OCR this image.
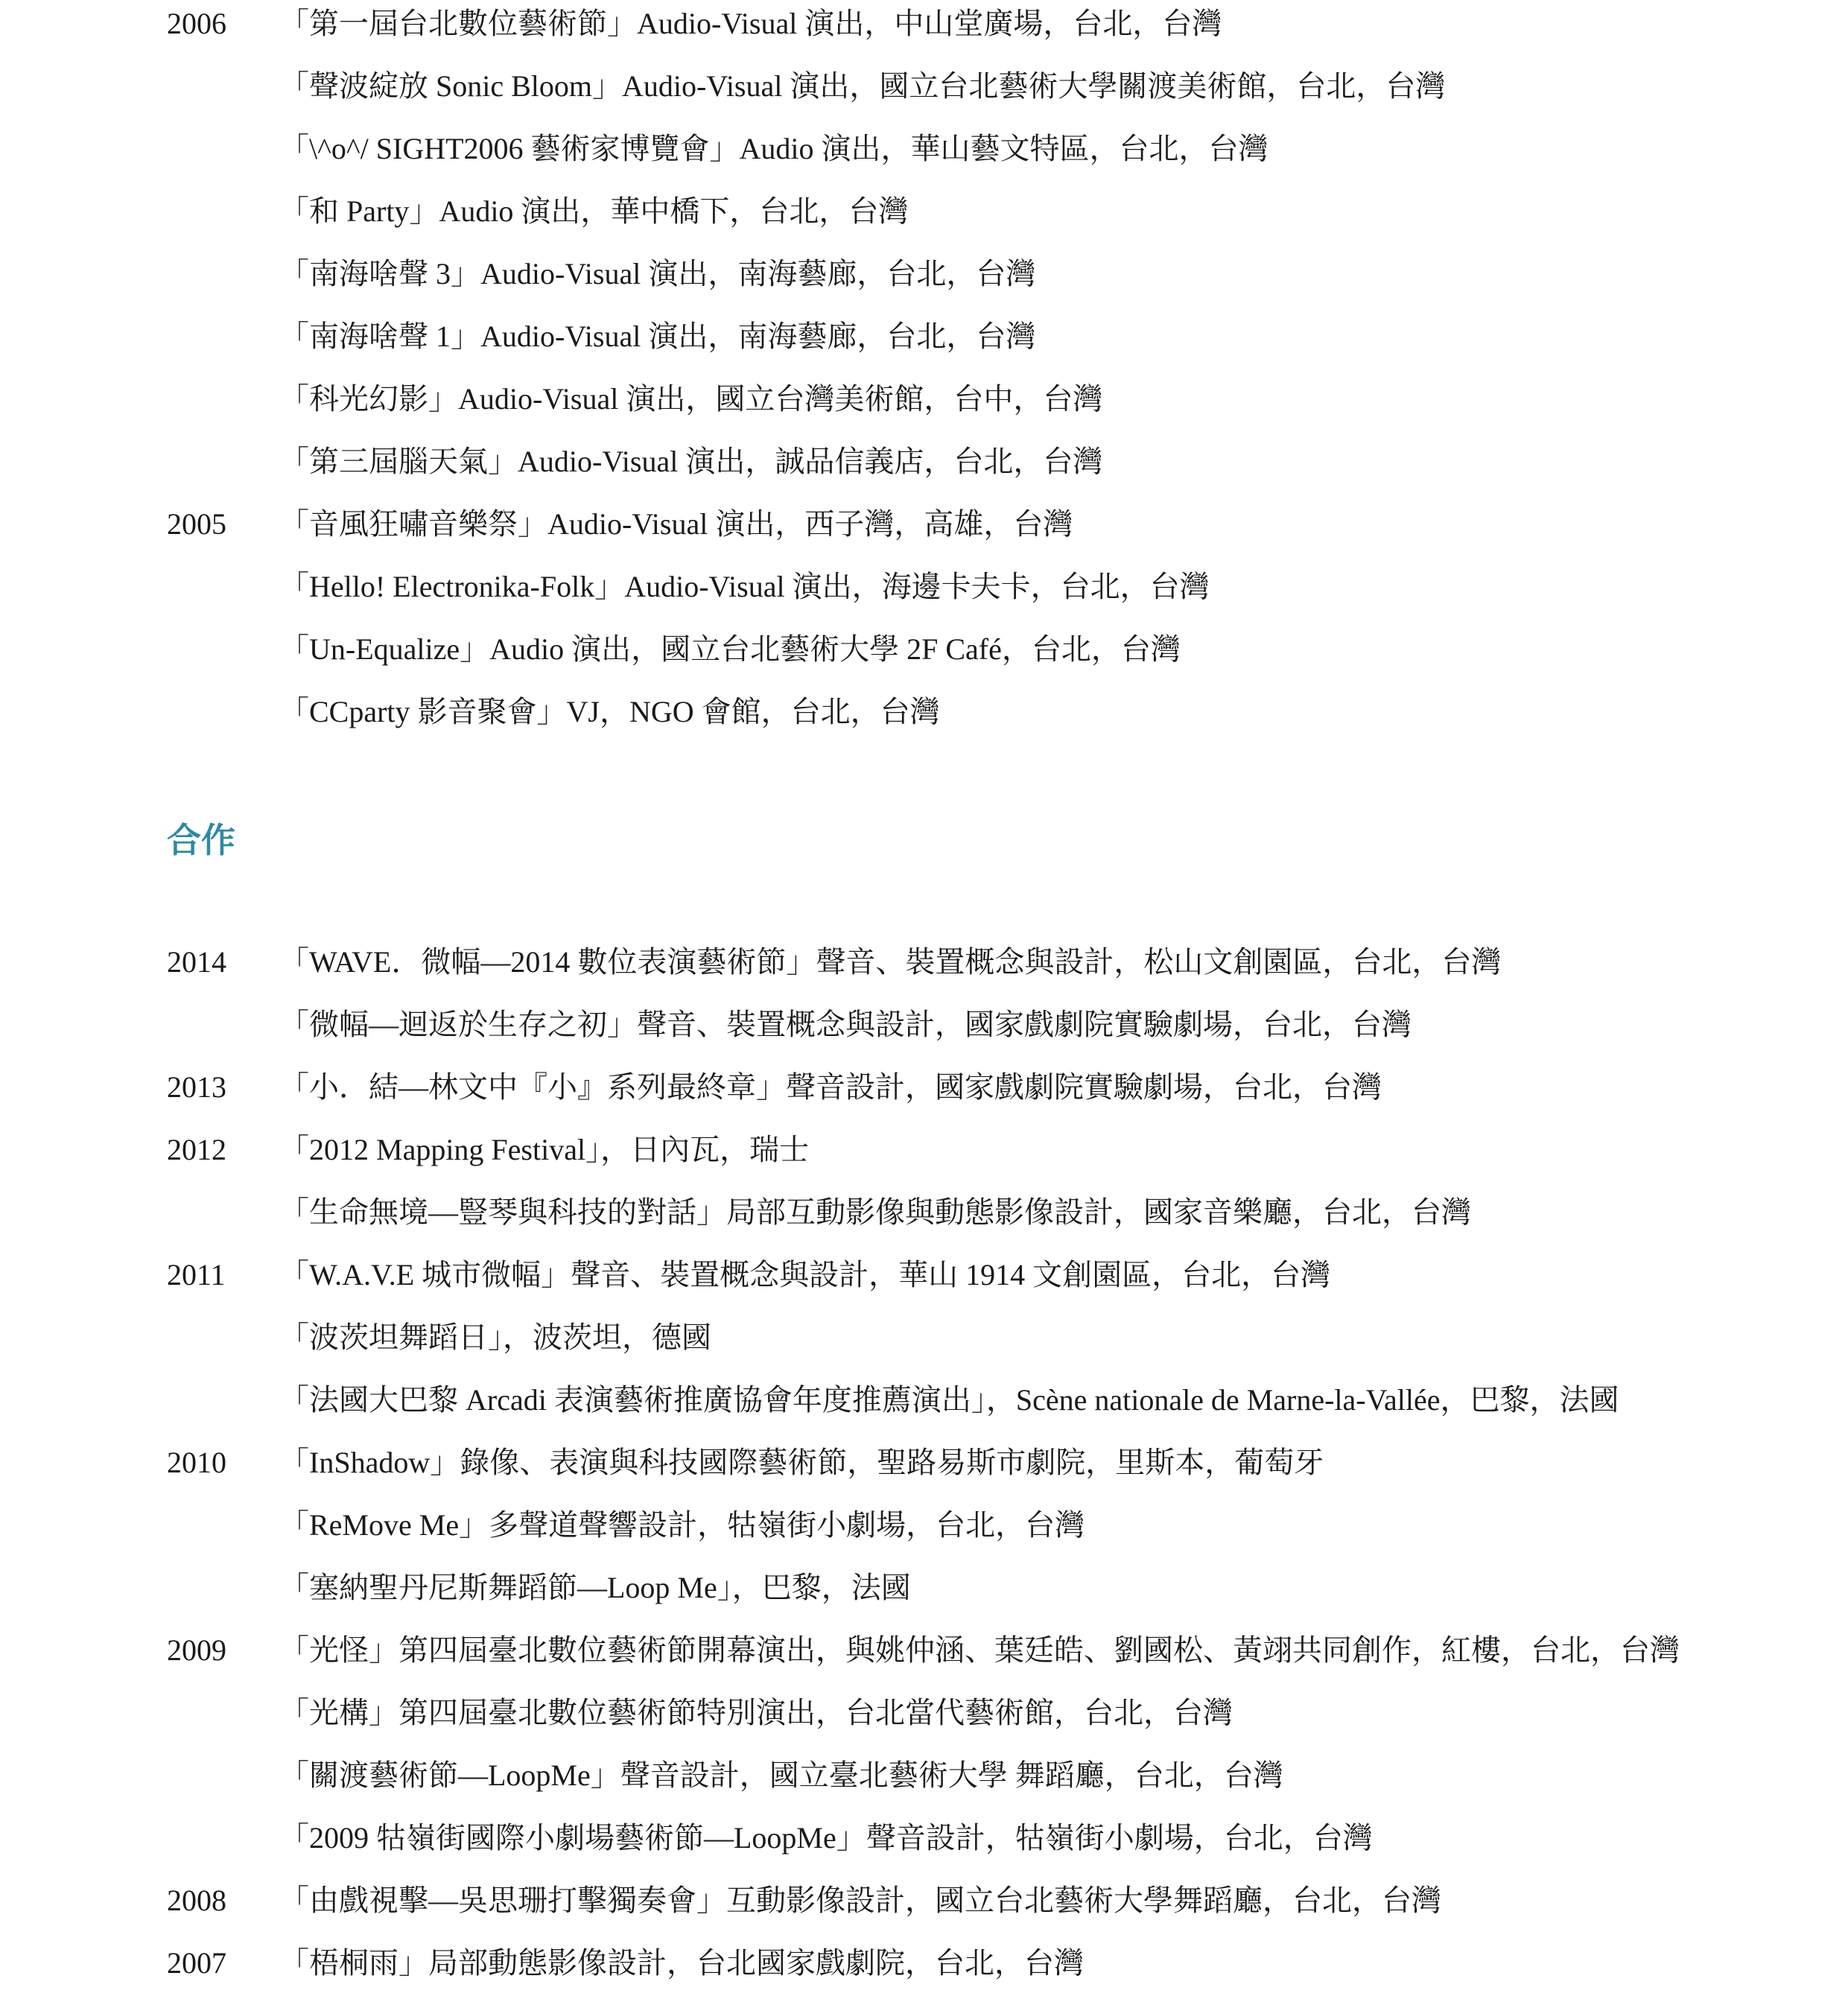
2006 「第一屆台北數位藝術節」Audio-Visual 演出，中山堂廣場，台北，台灣
「聲波綻放 Sonic Bloom」Audio-Visual 演出，國立台北藝術大學關渡美術館，台北，台灣
「\^o^/ SIGHT2006 藝術家博覽會」Audio 演出，華山藝文特區，台北，台灣
「和 Party」Audio 演出，華中橋下，台北，台灣
「南海啥聲 3」Audio-Visual 演出，南海藝廊，台北，台灣
「南海啥聲 1」Audio-Visual 演出，南海藝廊，台北，台灣
「科光幻影」Audio-Visual 演出，國立台灣美術館，台中，台灣
「第三屆腦天氣」Audio-Visual 演出，誠品信義店，台北，台灣
2005 「音風狂嘯音樂祭」Audio-Visual 演出，西子灣，高雄，台灣
「Hello! Electronika-Folk」Audio-Visual 演出，海邊卡夫卡，台北，台灣
「Un-Equalize」Audio 演出，國立台北藝術大學 2F Café，台北，台灣
「CCparty 影音聚會」VJ，NGO 會館，台北，台灣
合作
2014 「WAVE．微幅—2014 數位表演藝術節」聲音、裝置概念與設計，松山文創園區，台北，台灣
「微幅—迴返於生存之初」聲音、裝置概念與設計，國家戲劇院實驗劇場，台北，台灣
2013 「小．結—林文中『小』系列最終章」聲音設計，國家戲劇院實驗劇場，台北，台灣
2012 「2012 Mapping Festival」，日內瓦，瑞士
「生命無境—豎琴與科技的對話」局部互動影像與動態影像設計，國家音樂廳，台北，台灣
2011 「W.A.V.E 城市微幅」聲音、裝置概念與設計，華山 1914 文創園區，台北，台灣
「波茨坦舞蹈日」，波茨坦，德國
「法國大巴黎 Arcadi 表演藝術推廣協會年度推薦演出」，Scène nationale de Marne-la-Vallée，巴黎，法國
2010 「InShadow」錄像、表演與科技國際藝術節，聖路易斯市劇院，里斯本，葡萄牙
「ReMove Me」多聲道聲響設計，牯嶺街小劇場，台北，台灣
「塞納聖丹尼斯舞蹈節—Loop Me」，巴黎，法國
2009 「光怪」第四屆臺北數位藝術節開幕演出，與姚仲涵、葉廷皓、劉國松、黃翊共同創作，紅樓，台北，台灣
「光構」第四屆臺北數位藝術節特別演出，台北當代藝術館，台北，台灣
「關渡藝術節—LoopMe」聲音設計，國立臺北藝術大學 舞蹈廳，台北，台灣
「2009 牯嶺街國際小劇場藝術節—LoopMe」聲音設計，牯嶺街小劇場，台北，台灣
2008 「由戲視擊—吳思珊打擊獨奏會」互動影像設計，國立台北藝術大學舞蹈廳，台北，台灣
2007 「梧桐雨」局部動態影像設計，台北國家戲劇院，台北，台灣
